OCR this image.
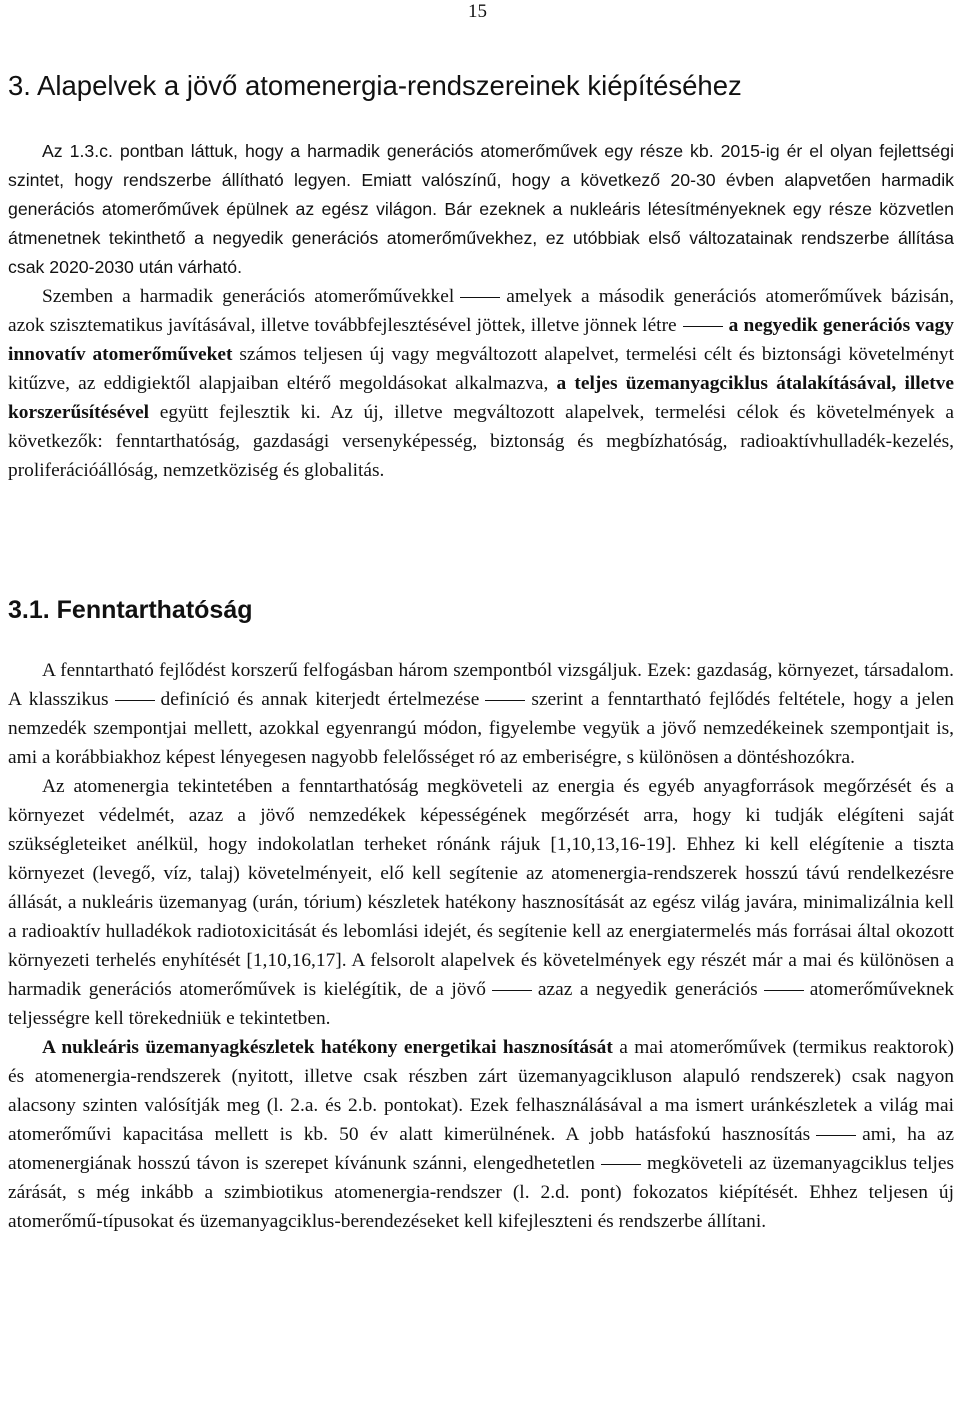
15
3. Alapelvek a jövő atomenergia-rendszereinek kiépítéséhez

Az 1.3.c. pontban láttuk, hogy a harmadik generációs atomerőművek egy része kb. 2015-ig ér el olyan fejlettségi szintet, hogy rendszerbe állítható legyen. Emiatt valószínű, hogy a következő 20-30 évben alapvetően harmadik generációs atomerőművek épülnek az egész világon. Bár ezeknek a nukleáris létesítményeknek egy része közvetlen átmenetnek tekinthető a negyedik generációs atomerőművekhez, ez utóbbiak első változatainak rendszerbe állítása csak 2020-2030 után várható.

Szemben a harmadik generációs atomerőművekkel	amelyek a második generációs atomerőművek bázisán, azok szisztematikus javításával, illetve továbbfejlesztésével jöttek, illetve jönnek létre	a negyedik generációs vagy innovatív atomerőműveket számos teljesen új vagy megváltozott alapelvet, termelési célt és biztonsági követelményt kitűzve, az eddigiektől alapjaiban eltérő megoldásokat alkalmazva, a teljes üzemanyagciklus átalakításával, illetve korszerűsítésével együtt fejlesztik ki. Az új, illetve megváltozott alapelvek, termelési célok és követelmények a következők: fenntarthatóság, gazdasági versenyképesség, biztonság és megbízhatóság, radioaktívhulladék-kezelés, proliferációállóság, nemzetköziség és globalitás.

3.1. Fenntarthatóság

A fenntartható fejlődést korszerű felfogásban három szempontból vizsgáljuk. Ezek: gazdaság, környezet, társadalom. A klasszikus	definíció és annak kiterjedt értelmezése	szerint a fenntartható fejlődés feltétele, hogy a jelen nemzedék szempontjai mellett, azokkal egyenrangú módon, figyelembe vegyük a jövő nemzedékeinek szempontjait is, ami a korábbiakhoz képest lényegesen nagyobb felelősséget ró az emberiségre, s különösen a döntéshozókra.

Az atomenergia tekintetében a fenntarthatóság megköveteli az energia és egyéb anyagforrások megőrzését és a környezet védelmét, azaz a jövő nemzedékek képességének megőrzését arra, hogy ki tudják elégíteni saját szükségleteiket anélkül, hogy indokolatlan terheket rónánk rájuk [1,10,13,16-19]. Ehhez ki kell elégítenie a tiszta környezet (levegő, víz, talaj) követelményeit, elő kell segítenie az atomenergia-rendszerek hosszú távú rendelkezésre állását, a nukleáris üzemanyag (urán, tórium) készletek hatékony hasznosítását az egész világ javára, minimalizálnia kell a radioaktív hulladékok radiotoxicitását és lebomlási idejét, és segítenie kell az energiatermelés más forrásai által okozott környezeti terhelés enyhítését [1,10,16,17]. A felsorolt alapelvek és követelmények egy részét már a mai és különösen a harmadik generációs atomerőművek is kielégítik, de a jövő	azaz a negyedik generációs	atomerőműveknek teljességre kell törekedniük e tekintetben.

A nukleáris üzemanyagkészletek hatékony energetikai hasznosítását a mai atomerőművek (termikus reaktorok) és atomenergia-rendszerek (nyitott, illetve csak részben zárt üzemanyagcikluson alapuló rendszerek) csak nagyon alacsony szinten valósítják meg (l. 2.a. és 2.b. pontokat). Ezek felhasználásával a ma ismert uránkészletek a világ mai atomerőművi kapacitása mellett is kb. 50 év alatt kimerülnének. A jobb hatásfokú hasznosítás	ami, ha az atomenergiának hosszú távon is szerepet kívánunk szánni, elengedhetetlen	megköveteli az üzemanyagciklus teljes zárását, s még inkább a szimbiotikus atomenergia-rendszer (l. 2.d. pont) fokozatos kiépítését. Ehhez teljesen új atomerőmű-típusokat és üzemanyagciklus-berendezéseket kell kifejleszteni és rendszerbe állítani.
